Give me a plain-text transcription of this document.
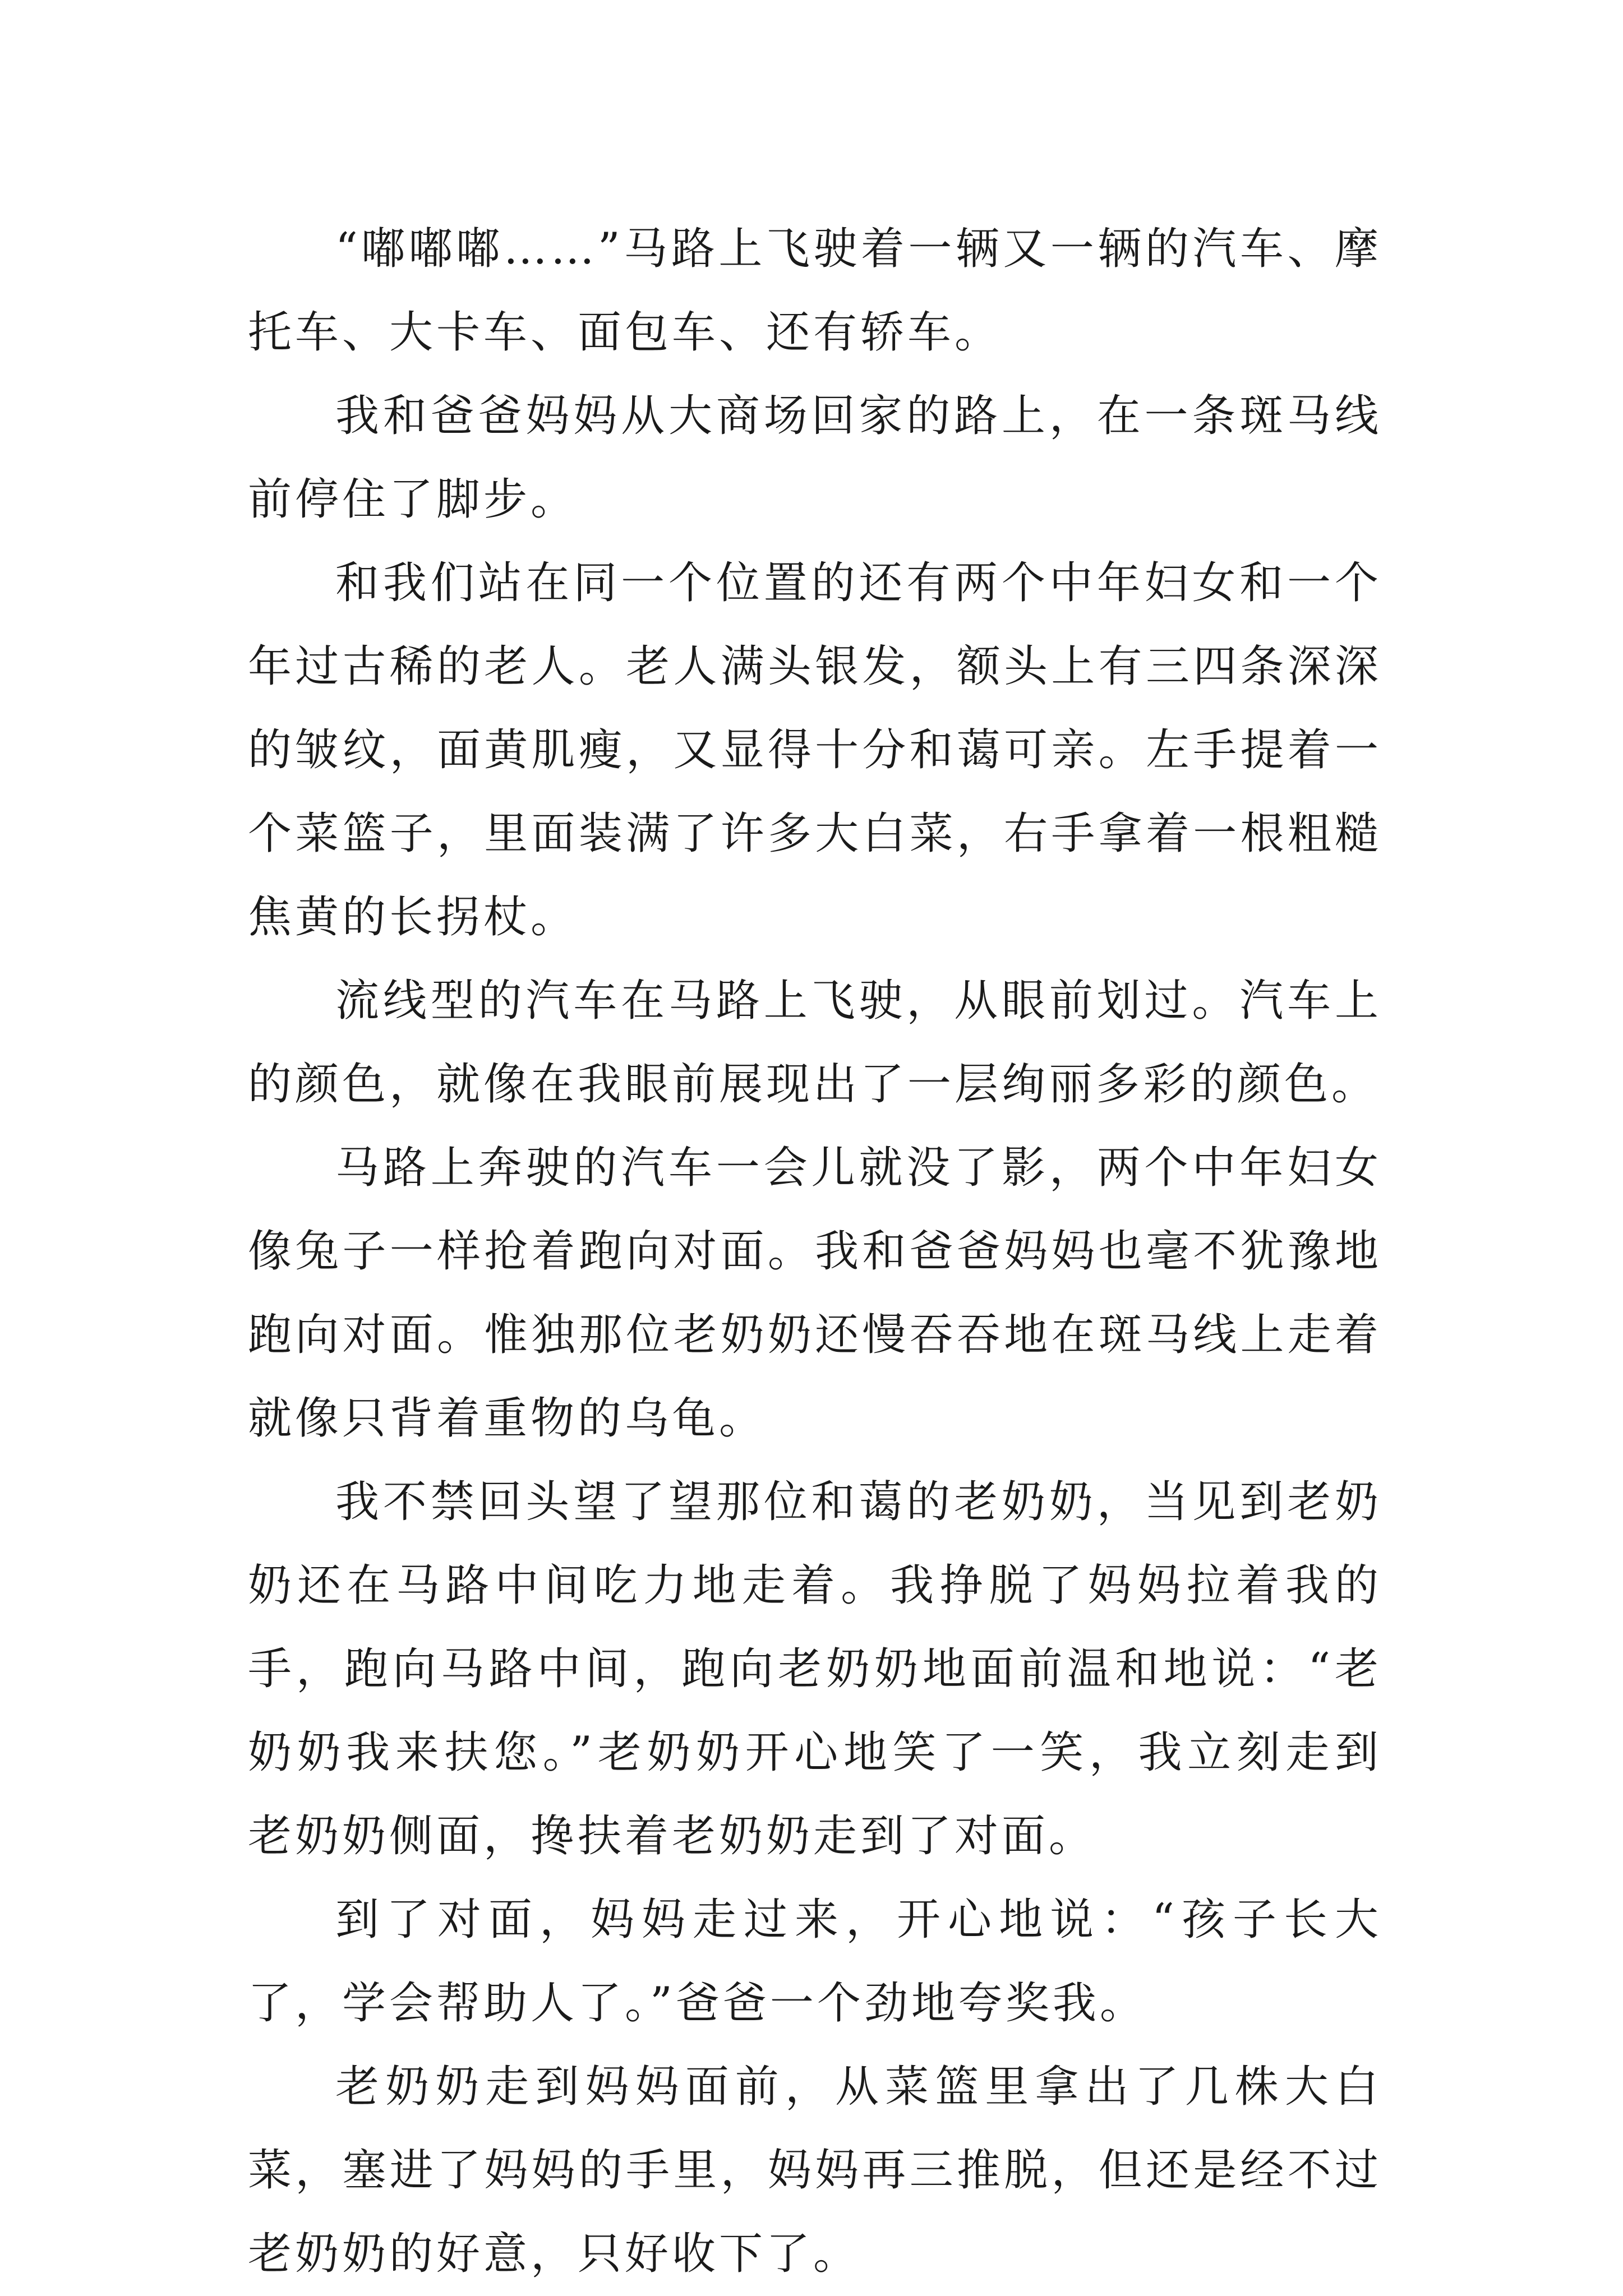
“嘟嘟嘟……”马路上飞驶着一辆又一辆的汽车、摩托车、大卡车、面包车、还有轿车。

我和爸爸妈妈从大商场回家的路上，在一条斑马线前停住了脚步。

和我们站在同一个位置的还有两个中年妇女和一个年过古稀的老人。老人满头银发，额头上有三四条深深的皱纹，面黄肌瘦，又显得十分和蔼可亲。左手提着一个菜篮子，里面装满了许多大白菜，右手拿着一根粗糙焦黄的长拐杖。

流线型的汽车在马路上飞驶，从眼前划过。汽车上的颜色，就像在我眼前展现出了一层绚丽多彩的颜色。

马路上奔驶的汽车一会儿就没了影，两个中年妇女像兔子一样抢着跑向对面。我和爸爸妈妈也毫不犹豫地跑向对面。惟独那位老奶奶还慢吞吞地在斑马线上走着就像只背着重物的乌龟。

我不禁回头望了望那位和蔼的老奶奶，当见到老奶奶还在马路中间吃力地走着。我挣脱了妈妈拉着我的手，跑向马路中间，跑向老奶奶地面前温和地说：“老奶奶我来扶您。”老奶奶开心地笑了一笑，我立刻走到老奶奶侧面，搀扶着老奶奶走到了对面。

到了对面，妈妈走过来，开心地说：“孩子长大了，学会帮助人了。”爸爸一个劲地夸奖我。

老奶奶走到妈妈面前，从菜篮里拿出了几株大白菜，塞进了妈妈的手里，妈妈再三推脱，但还是经不过老奶奶的好意，只好收下了。
